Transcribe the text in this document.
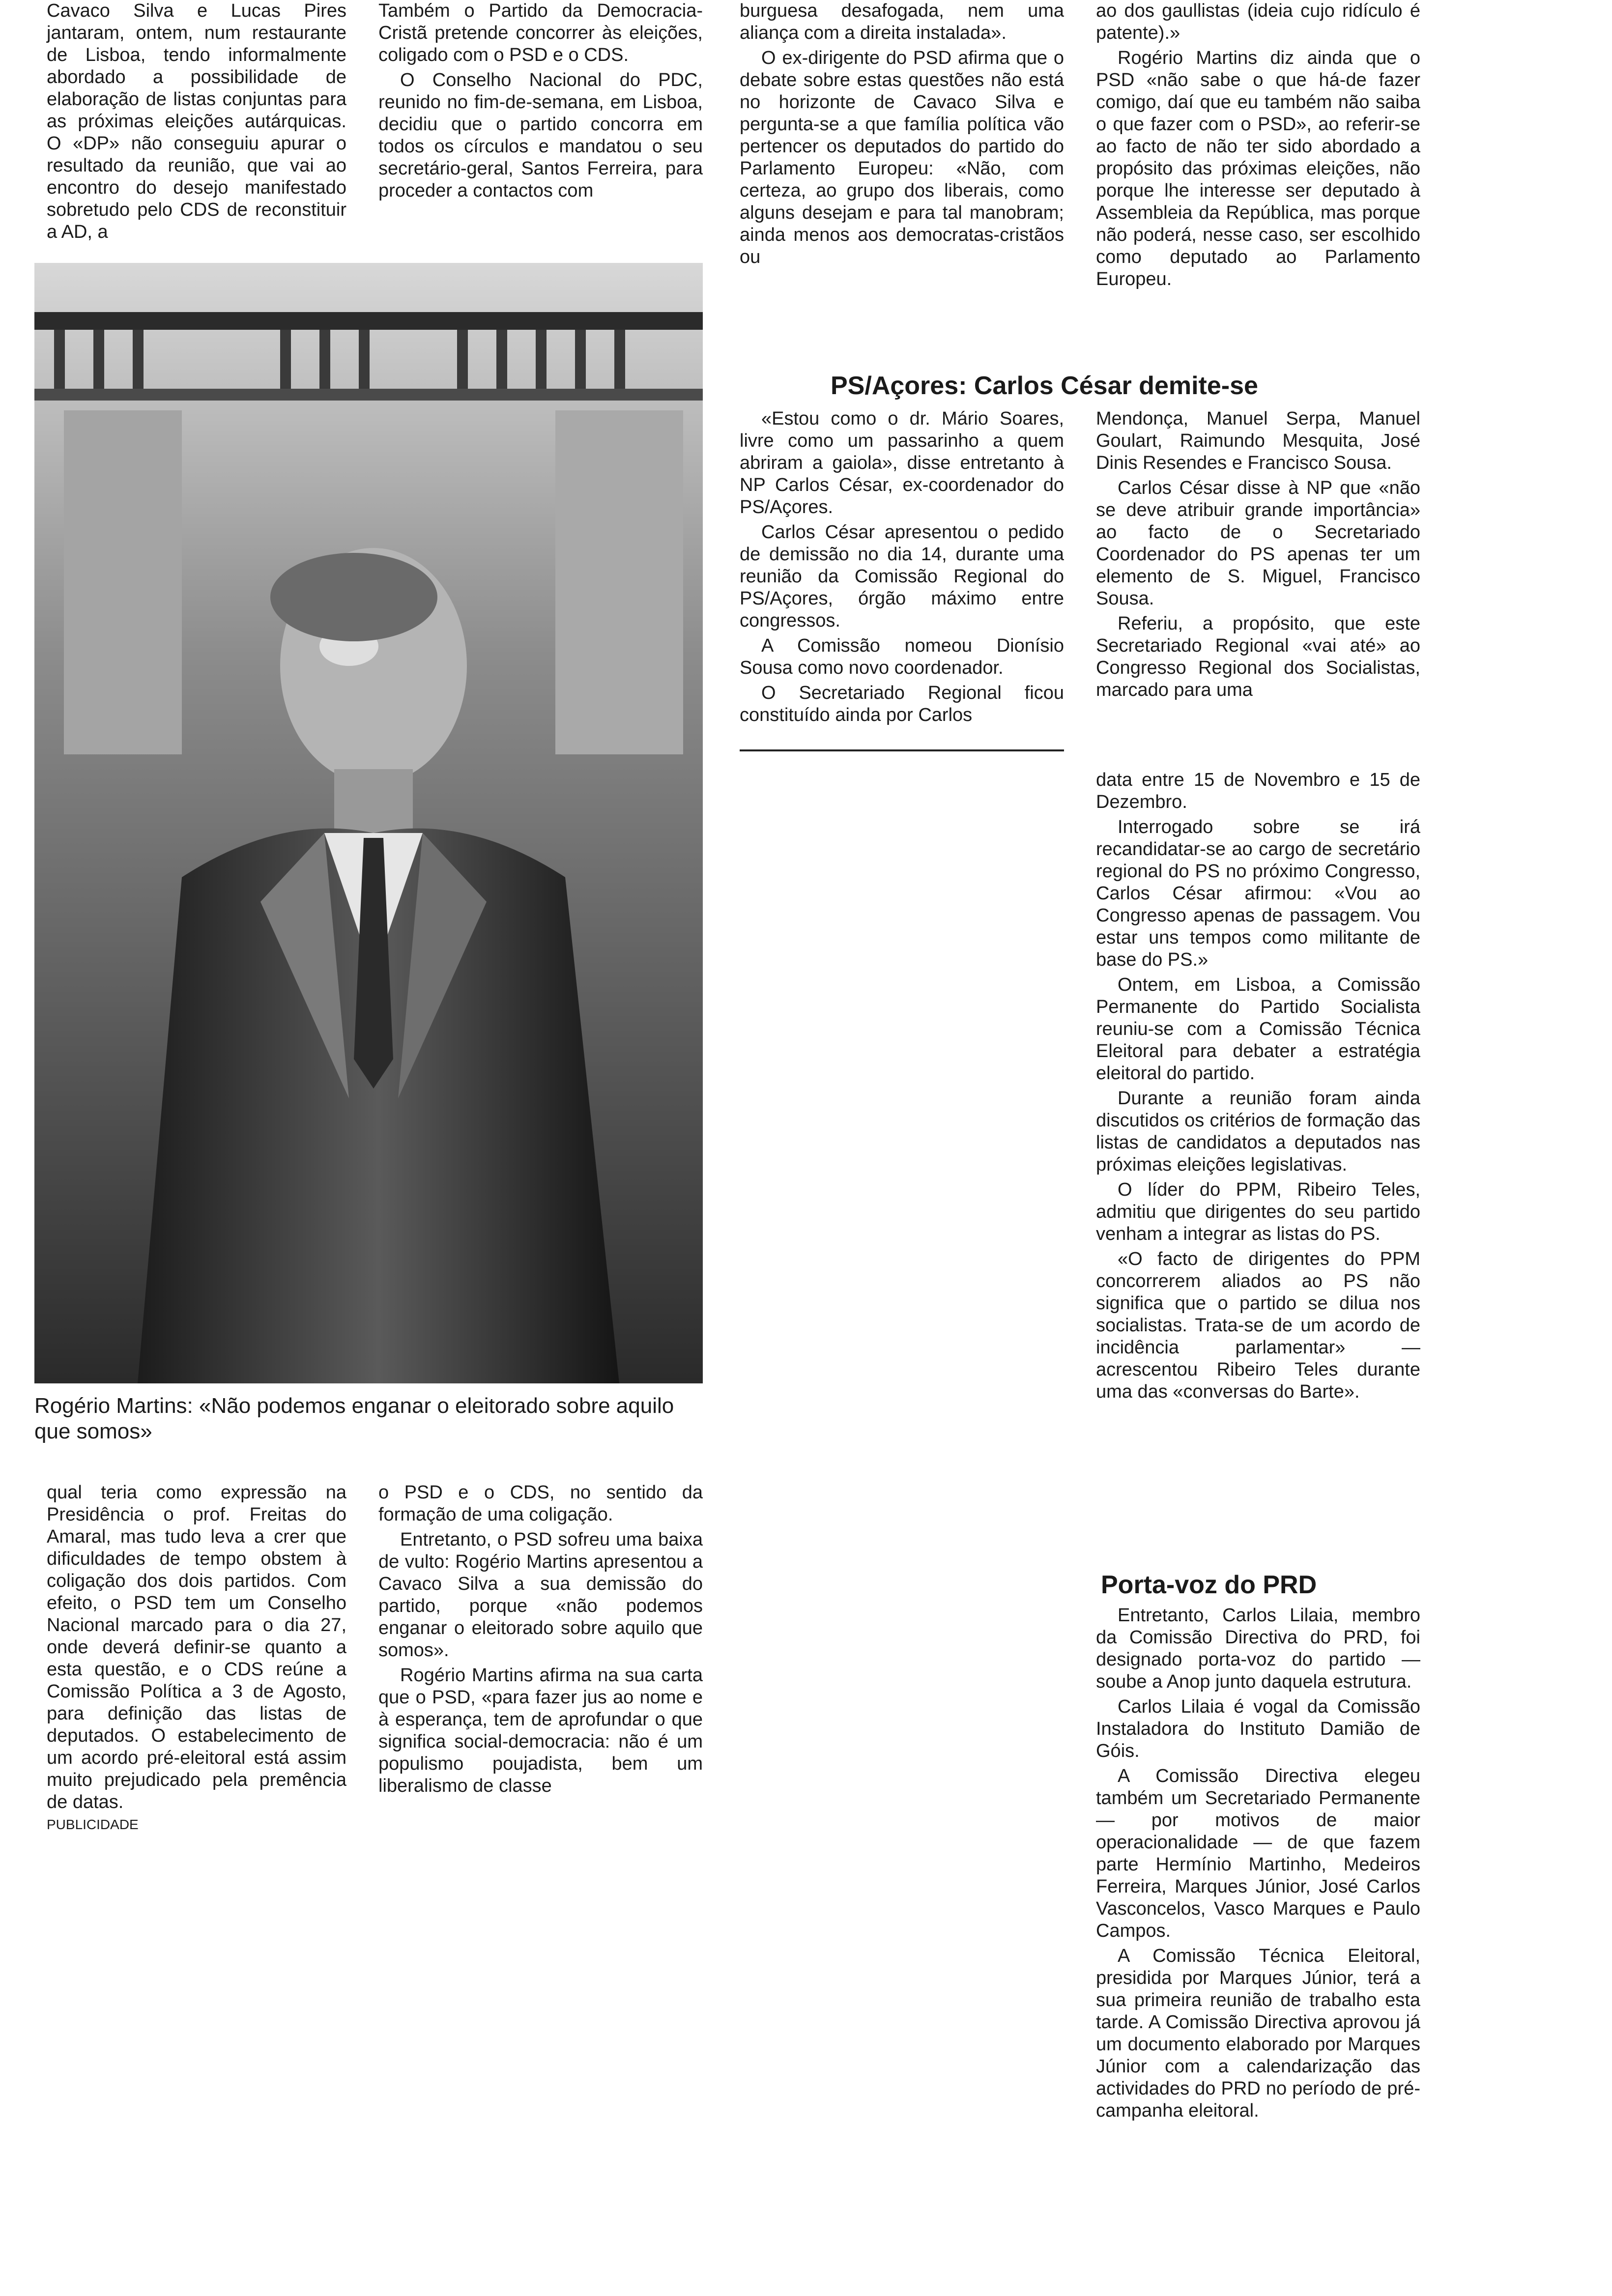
Cavaco Silva e Lucas Pires jantaram, ontem, num restaurante de Lisboa, tendo informalmente abordado a possibilidade de elaboração de listas conjuntas para as próximas eleições autárquicas. O «DP» não conseguiu apurar o resultado da reunião, que vai ao encontro do desejo manifestado sobretudo pelo CDS de reconstituir a AD, a

Também o Partido da Democracia-Cristã pretende concorrer às eleições, coligado com o PSD e o CDS.

O Conselho Nacional do PDC, reunido no fim-de-semana, em Lisboa, decidiu que o partido concorra em todos os círculos e mandatou o seu secretário-geral, Santos Ferreira, para proceder a contactos com

burguesa desafogada, nem uma aliança com a direita instalada».

O ex-dirigente do PSD afirma que o debate sobre estas questões não está no horizonte de Cavaco Silva e pergunta-se a que família política vão pertencer os deputados do partido do Parlamento Europeu: «Não, com certeza, ao grupo dos liberais, como alguns desejam e para tal manobram; ainda menos aos democratas-cristãos ou

ao dos gaullistas (ideia cujo ridículo é patente).»

Rogério Martins diz ainda que o PSD «não sabe o que há-de fazer comigo, daí que eu também não saiba o que fazer com o PSD», ao referir-se ao facto de não ter sido abordado a propósito das próximas eleições, não porque lhe interesse ser deputado à Assembleia da República, mas porque não poderá, nesse caso, ser escolhido como deputado ao Parlamento Europeu.

PS/Açores: Carlos César demite-se

«Estou como o dr. Mário Soares, livre como um passarinho a quem abriram a gaiola», disse entretanto à NP Carlos César, ex-coordenador do PS/Açores.

Carlos César apresentou o pedido de demissão no dia 14, durante uma reunião da Comissão Regional do PS/Açores, órgão máximo entre congressos.

A Comissão nomeou Dionísio Sousa como novo coordenador.

O Secretariado Regional ficou constituído ainda por Carlos

Mendonça, Manuel Serpa, Manuel Goulart, Raimundo Mesquita, José Dinis Resendes e Francisco Sousa.

Carlos César disse à NP que «não se deve atribuir grande importância» ao facto de o Secretariado Coordenador do PS apenas ter um elemento de S. Miguel, Francisco Sousa.

Referiu, a propósito, que este Secretariado Regional «vai até» ao Congresso Regional dos Socialistas, marcado para uma

data entre 15 de Novembro e 15 de Dezembro.

Interrogado sobre se irá recandidatar-se ao cargo de secretário regional do PS no próximo Congresso, Carlos César afirmou: «Vou ao Congresso apenas de passagem. Vou estar uns tempos como militante de base do PS.»

Ontem, em Lisboa, a Comissão Permanente do Partido Socialista reuniu-se com a Comissão Técnica Eleitoral para debater a estratégia eleitoral do partido.

Durante a reunião foram ainda discutidos os critérios de formação das listas de candidatos a deputados nas próximas eleições legislativas.

O líder do PPM, Ribeiro Teles, admitiu que dirigentes do seu partido venham a integrar as listas do PS.

«O facto de dirigentes do PPM concorrerem aliados ao PS não significa que o partido se dilua nos socialistas. Trata-se de um acordo de incidência parlamentar» — acrescentou Ribeiro Teles durante uma das «conversas do Barte».

Porta-voz do PRD

Entretanto, Carlos Lilaia, membro da Comissão Directiva do PRD, foi designado porta-voz do partido — soube a Anop junto daquela estrutura.

Carlos Lilaia é vogal da Comissão Instaladora do Instituto Damião de Góis.

A Comissão Directiva elegeu também um Secretariado Permanente — por motivos de maior operacionalidade — de que fazem parte Hermínio Martinho, Medeiros Ferreira, Marques Júnior, José Carlos Vasconcelos, Vasco Marques e Paulo Campos.

A Comissão Técnica Eleitoral, presidida por Marques Júnior, terá a sua primeira reunião de trabalho esta tarde. A Comissão Directiva aprovou já um documento elaborado por Marques Júnior com a calendarização das actividades do PRD no período de pré-campanha eleitoral.

Rogério Martins: «Não podemos enganar o eleitorado sobre aquilo que somos»

qual teria como expressão na Presidência o prof. Freitas do Amaral, mas tudo leva a crer que dificuldades de tempo obstem à coligação dos dois partidos. Com efeito, o PSD tem um Conselho Nacional marcado para o dia 27, onde deverá definir-se quanto a esta questão, e o CDS reúne a Comissão Política a 3 de Agosto, para definição das listas de deputados. O estabelecimento de um acordo pré-eleitoral está assim muito prejudicado pela premência de datas.

PUBLICIDADE

o PSD e o CDS, no sentido da formação de uma coligação.

Entretanto, o PSD sofreu uma baixa de vulto: Rogério Martins apresentou a Cavaco Silva a sua demissão do partido, porque «não podemos enganar o eleitorado sobre aquilo que somos».

Rogério Martins afirma na sua carta que o PSD, «para fazer jus ao nome e à esperança, tem de aprofundar o que significa social-democracia: não é um populismo poujadista, bem um liberalismo de classe
